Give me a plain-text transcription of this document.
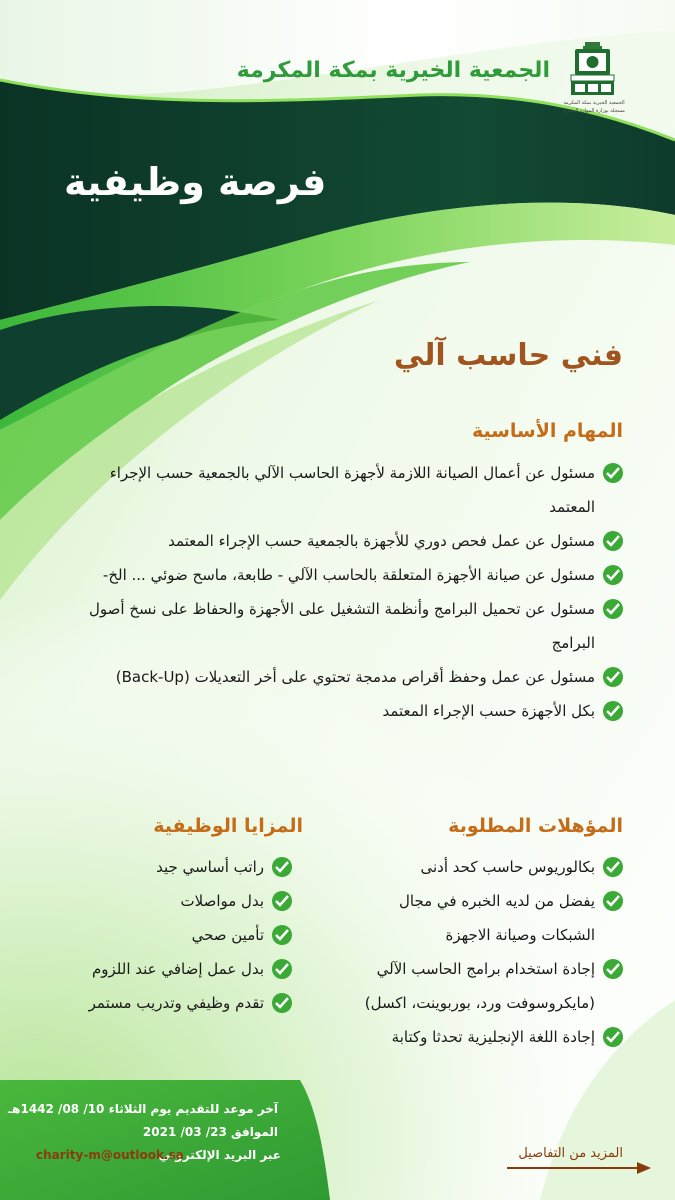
الجمعية الخيرية بمكة المكرمة
مسجلة بوزارة الموارد البشرية
الجمعية الخيرية بمكة المكرمة
فرصة وظيفية
فني حاسب آلي
المهام الأساسية
مسئول عن أعمال الصيانة اللازمة لأجهزة الحاسب الآلي بالجمعية حسب الإجراء المعتمد
مسئول عن عمل فحص دوري للأجهزة بالجمعية حسب الإجراء المعتمد
مسئول عن صيانة الأجهزة المتعلقة بالحاسب الآلي - طابعة، ماسح ضوئي ... الخ-
مسئول عن تحميل البرامج وأنظمة التشغيل على الأجهزة والحفاظ على نسخ أصول البرامج
مسئول عن عمل وحفظ أقراص مدمجة تحتوي على أخر التعديلات (Back-Up)
بكل الأجهزة حسب الإجراء المعتمد
المؤهلات المطلوبة
بكالوريوس حاسب كحد أدنى
يفضل من لديه الخبره في مجال الشبكات وصيانة الاجهزة
إجادة استخدام برامج الحاسب الآلي (مايكروسوفت ورد، بوربوينت، اكسل)
إجادة اللغة الإنجليزية تحدثا وكتابة
المزايا الوظيفية
راتب أساسي جيد
بدل مواصلات
تأمين صحي
بدل عمل إضافي عند اللزوم
تقدم وظيفي وتدريب مستمر
آخر موعد للتقديم يوم الثلاثاء 10/ 08/ 1442هـ
الموافق 23/ 03/ 2021
عبر البريد الإلكتروني
charity-m@outlook.sa	المزيد من التفاصيل
